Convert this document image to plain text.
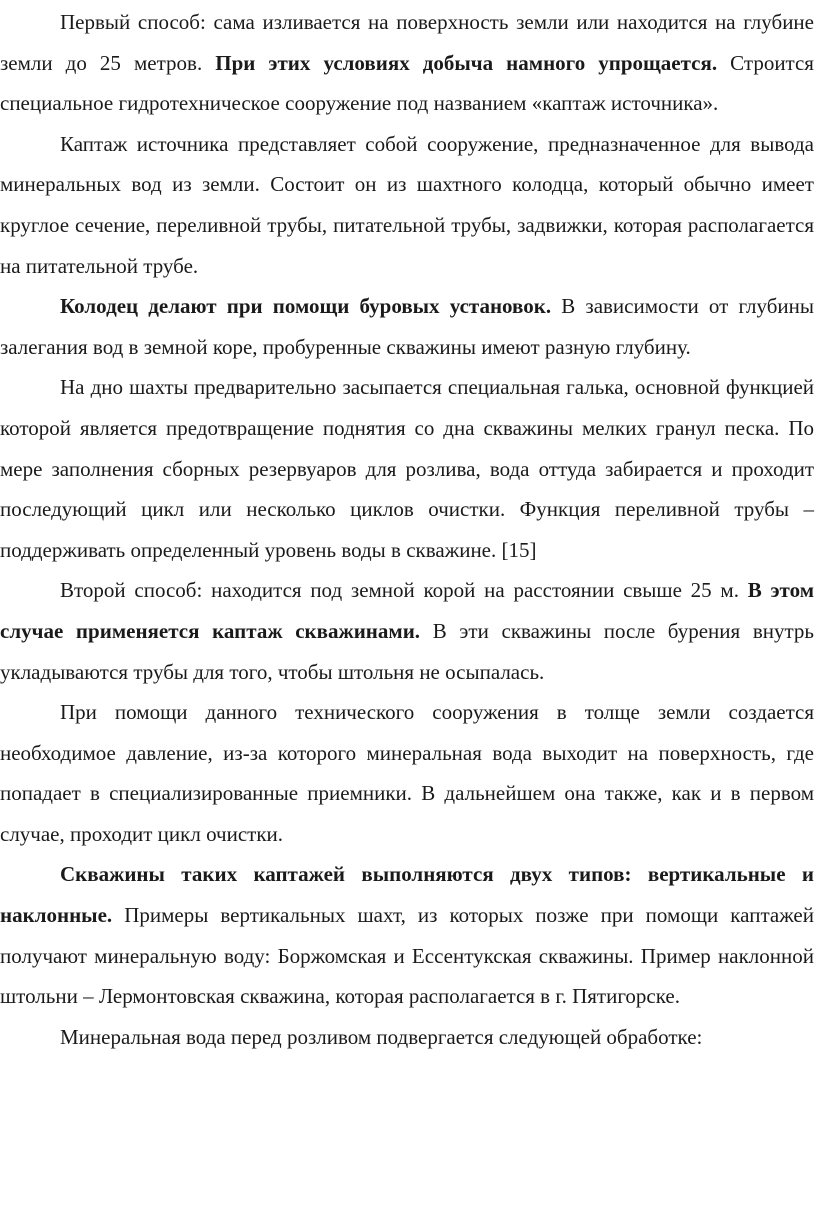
Первый способ: сама изливается на поверхность земли или находится на глубине земли до 25 метров. При этих условиях добыча намного упрощается. Строится специальное гидротехническое сооружение под названием «каптаж источника».

Каптаж источника представляет собой сооружение, предназначенное для вывода минеральных вод из земли. Состоит он из шахтного колодца, который обычно имеет круглое сечение, переливной трубы, питательной трубы, задвижки, которая располагается на питательной трубе.

Колодец делают при помощи буровых установок. В зависимости от глубины залегания вод в земной коре, пробуренные скважины имеют разную глубину.

На дно шахты предварительно засыпается специальная галька, основной функцией которой является предотвращение поднятия со дна скважины мелких гранул песка. По мере заполнения сборных резервуаров для розлива, вода оттуда забирается и проходит последующий цикл или несколько циклов очистки. Функция переливной трубы – поддерживать определенный уровень воды в скважине. [15]

Второй способ: находится под земной корой на расстоянии свыше 25 м. В этом случае применяется каптаж скважинами. В эти скважины после бурения внутрь укладываются трубы для того, чтобы штольня не осыпалась.

При помощи данного технического сооружения в толще земли создается необходимое давление, из-за которого минеральная вода выходит на поверхность, где попадает в специализированные приемники. В дальнейшем она также, как и в первом случае, проходит цикл очистки.

Скважины таких каптажей выполняются двух типов: вертикальные и наклонные. Примеры вертикальных шахт, из которых позже при помощи каптажей получают минеральную воду: Боржомская и Ессентукская скважины. Пример наклонной штольни – Лермонтовская скважина, которая располагается в г. Пятигорске.

Минеральная вода перед розливом подвергается следующей обработке:
